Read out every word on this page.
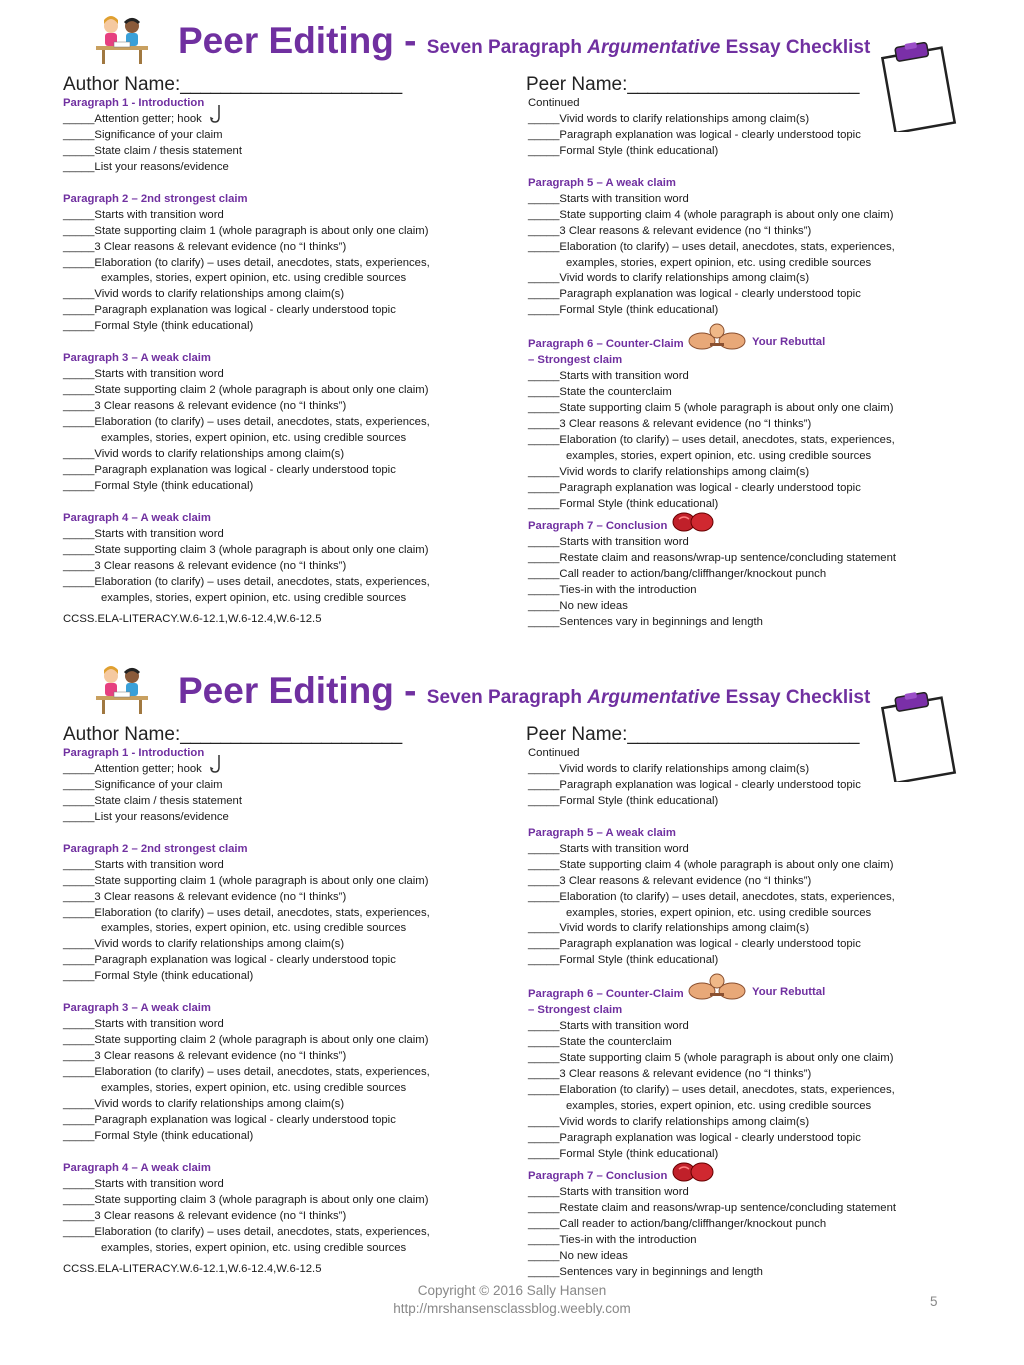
Peer Editing - Seven Paragraph Argumentative Essay Checklist
Author Name:______________________	Peer Name:_______________________
Paragraph 1 - Introduction
_____Attention getter; hook
_____Significance of your claim
_____State claim / thesis statement
_____List your reasons/evidence
Paragraph 2 – 2nd strongest claim
_____Starts with transition word
_____State supporting claim 1 (whole paragraph is about only one claim)
_____3 Clear reasons & relevant evidence (no “I thinks”)
_____Elaboration (to clarify) – uses detail, anecdotes, stats, experiences,
examples, stories, expert opinion, etc. using credible sources
_____Vivid words to clarify relationships among claim(s)
_____Paragraph explanation was logical - clearly understood topic
_____Formal Style (think educational)
Paragraph 3 – A weak claim
_____Starts with transition word
_____State supporting claim 2 (whole paragraph is about only one claim)
_____3 Clear reasons & relevant evidence (no “I thinks”)
_____Elaboration (to clarify) – uses detail, anecdotes, stats, experiences,
examples, stories, expert opinion, etc. using credible sources
_____Vivid words to clarify relationships among claim(s)
_____Paragraph explanation was logical - clearly understood topic
_____Formal Style (think educational)
Paragraph 4 – A weak claim
_____Starts with transition word
_____State supporting claim 3 (whole paragraph is about only one claim)
_____3 Clear reasons & relevant evidence (no “I thinks”)
_____Elaboration (to clarify) – uses detail, anecdotes, stats, experiences,
examples, stories, expert opinion, etc. using credible sources
CCSS.ELA-LITERACY.W.6-12.1,W.6-12.4,W.6-12.5
Continued
_____Vivid words to clarify relationships among claim(s)
_____Paragraph explanation was logical - clearly understood topic
_____Formal Style (think educational)
Paragraph 5 – A weak claim
_____Starts with transition word
_____State supporting claim 4 (whole paragraph is about only one claim)
_____3 Clear reasons & relevant evidence (no “I thinks”)
_____Elaboration (to clarify) – uses detail, anecdotes, stats, experiences,
examples, stories, expert opinion, etc. using credible sources
_____Vivid words to clarify relationships among claim(s)
_____Paragraph explanation was logical - clearly understood topic
_____Formal Style (think educational)
Paragraph 6 – Counter-Claim	Your Rebuttal
– Strongest claim
_____Starts with transition word
_____State the counterclaim
_____State supporting claim 5 (whole paragraph is about only one claim)
_____3 Clear reasons & relevant evidence (no “I thinks”)
_____Elaboration (to clarify) – uses detail, anecdotes, stats, experiences,
examples, stories, expert opinion, etc. using credible sources
_____Vivid words to clarify relationships among claim(s)
_____Paragraph explanation was logical - clearly understood topic
_____Formal Style (think educational)
Paragraph 7 – Conclusion
_____Starts with transition word
_____Restate claim and reasons/wrap-up sentence/concluding statement
_____Call reader to action/bang/cliffhanger/knockout punch
_____Ties-in with the introduction
_____No new ideas
_____Sentences vary in beginnings and length
Peer Editing - Seven Paragraph Argumentative Essay Checklist
Author Name:______________________	Peer Name:_______________________
Paragraph 1 - Introduction
_____Attention getter; hook
_____Significance of your claim
_____State claim / thesis statement
_____List your reasons/evidence
Paragraph 2 – 2nd strongest claim
_____Starts with transition word
_____State supporting claim 1 (whole paragraph is about only one claim)
_____3 Clear reasons & relevant evidence (no “I thinks”)
_____Elaboration (to clarify) – uses detail, anecdotes, stats, experiences,
examples, stories, expert opinion, etc. using credible sources
_____Vivid words to clarify relationships among claim(s)
_____Paragraph explanation was logical - clearly understood topic
_____Formal Style (think educational)
Paragraph 3 – A weak claim
_____Starts with transition word
_____State supporting claim 2 (whole paragraph is about only one claim)
_____3 Clear reasons & relevant evidence (no “I thinks”)
_____Elaboration (to clarify) – uses detail, anecdotes, stats, experiences,
examples, stories, expert opinion, etc. using credible sources
_____Vivid words to clarify relationships among claim(s)
_____Paragraph explanation was logical - clearly understood topic
_____Formal Style (think educational)
Paragraph 4 – A weak claim
_____Starts with transition word
_____State supporting claim 3 (whole paragraph is about only one claim)
_____3 Clear reasons & relevant evidence (no “I thinks”)
_____Elaboration (to clarify) – uses detail, anecdotes, stats, experiences,
examples, stories, expert opinion, etc. using credible sources
CCSS.ELA-LITERACY.W.6-12.1,W.6-12.4,W.6-12.5
Continued
_____Vivid words to clarify relationships among claim(s)
_____Paragraph explanation was logical - clearly understood topic
_____Formal Style (think educational)
Paragraph 5 – A weak claim
_____Starts with transition word
_____State supporting claim 4 (whole paragraph is about only one claim)
_____3 Clear reasons & relevant evidence (no “I thinks”)
_____Elaboration (to clarify) – uses detail, anecdotes, stats, experiences,
examples, stories, expert opinion, etc. using credible sources
_____Vivid words to clarify relationships among claim(s)
_____Paragraph explanation was logical - clearly understood topic
_____Formal Style (think educational)
Paragraph 6 – Counter-Claim	Your Rebuttal
– Strongest claim
_____Starts with transition word
_____State the counterclaim
_____State supporting claim 5 (whole paragraph is about only one claim)
_____3 Clear reasons & relevant evidence (no “I thinks”)
_____Elaboration (to clarify) – uses detail, anecdotes, stats, experiences,
examples, stories, expert opinion, etc. using credible sources
_____Vivid words to clarify relationships among claim(s)
_____Paragraph explanation was logical - clearly understood topic
_____Formal Style (think educational)
Paragraph 7 – Conclusion
_____Starts with transition word
_____Restate claim and reasons/wrap-up sentence/concluding statement
_____Call reader to action/bang/cliffhanger/knockout punch
_____Ties-in with the introduction
_____No new ideas
_____Sentences vary in beginnings and length
Copyright © 2016 Sally Hansen
http://mrshansensclassblog.weebly.com	5
